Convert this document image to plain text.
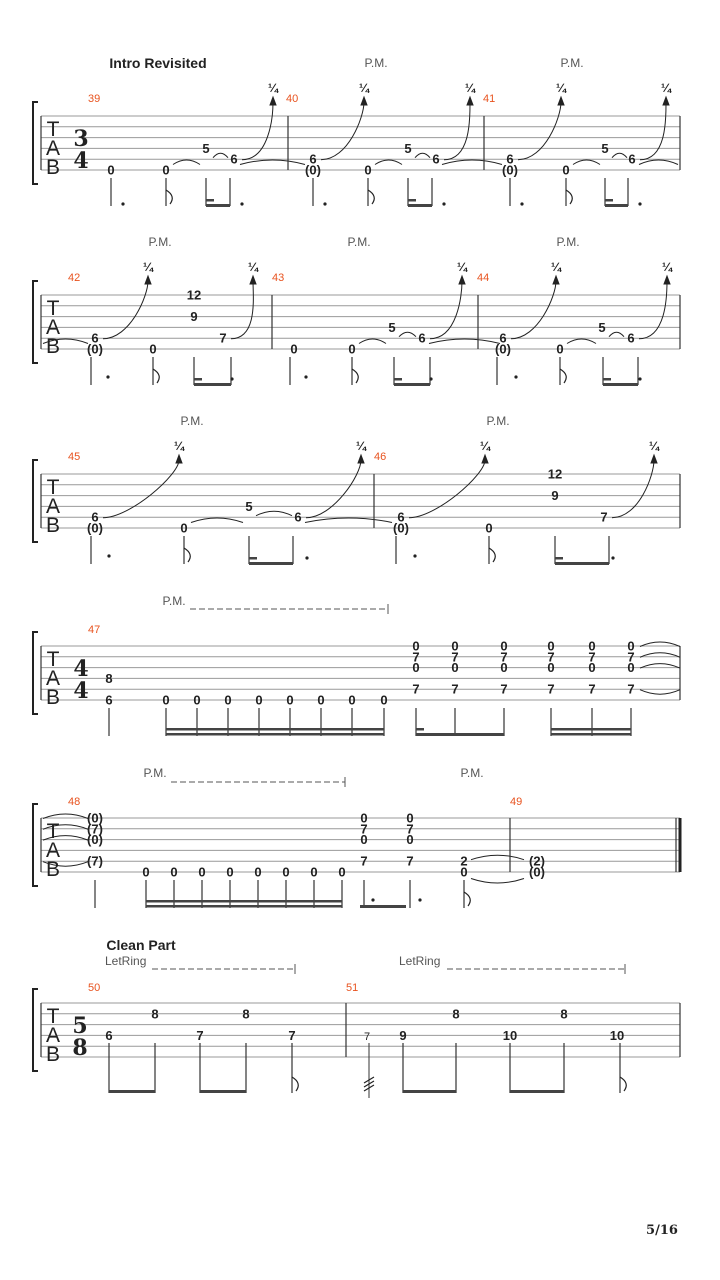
T
A
B
Intro Revisited
3
4
39
0	0
5
6
¼
40
P.M.
6
(0)
¼
0
5
6
¼
41
P.M.
6
(0)
¼
0
5
6
¼
T
A
B
42
P.M.
6
(0)
¼
0
12
9
7
¼
43
P.M.
0	0
5
6
¼
44
P.M.
6
(0)
¼
0
5
6
¼
T
A
B
45
P.M.
6
(0)
¼
0
5
6
¼
46
P.M.
6
(0)
¼
0
12
9
7
¼
T
A
B
47
4
4
P.M.
8
6	0 0 0 0 0 0 0 0
0
7
0
7
0
7
0
7
0
7
0
7
0
7
0
7
0
7
0
7
0
7
0
7
T
A
B
48
P.M.
(0)
(7)
(0)
(7)
0 0 0 0 0 0 0 0
0
7
0
7
0
7
0
7
P.M.
2
0
49
(2)
(0)
T
A
B
Clean Part
LetRing	LetRing
5
8
50
6
8
7
8
7
51
7 9
8
10
8
10
5/16
